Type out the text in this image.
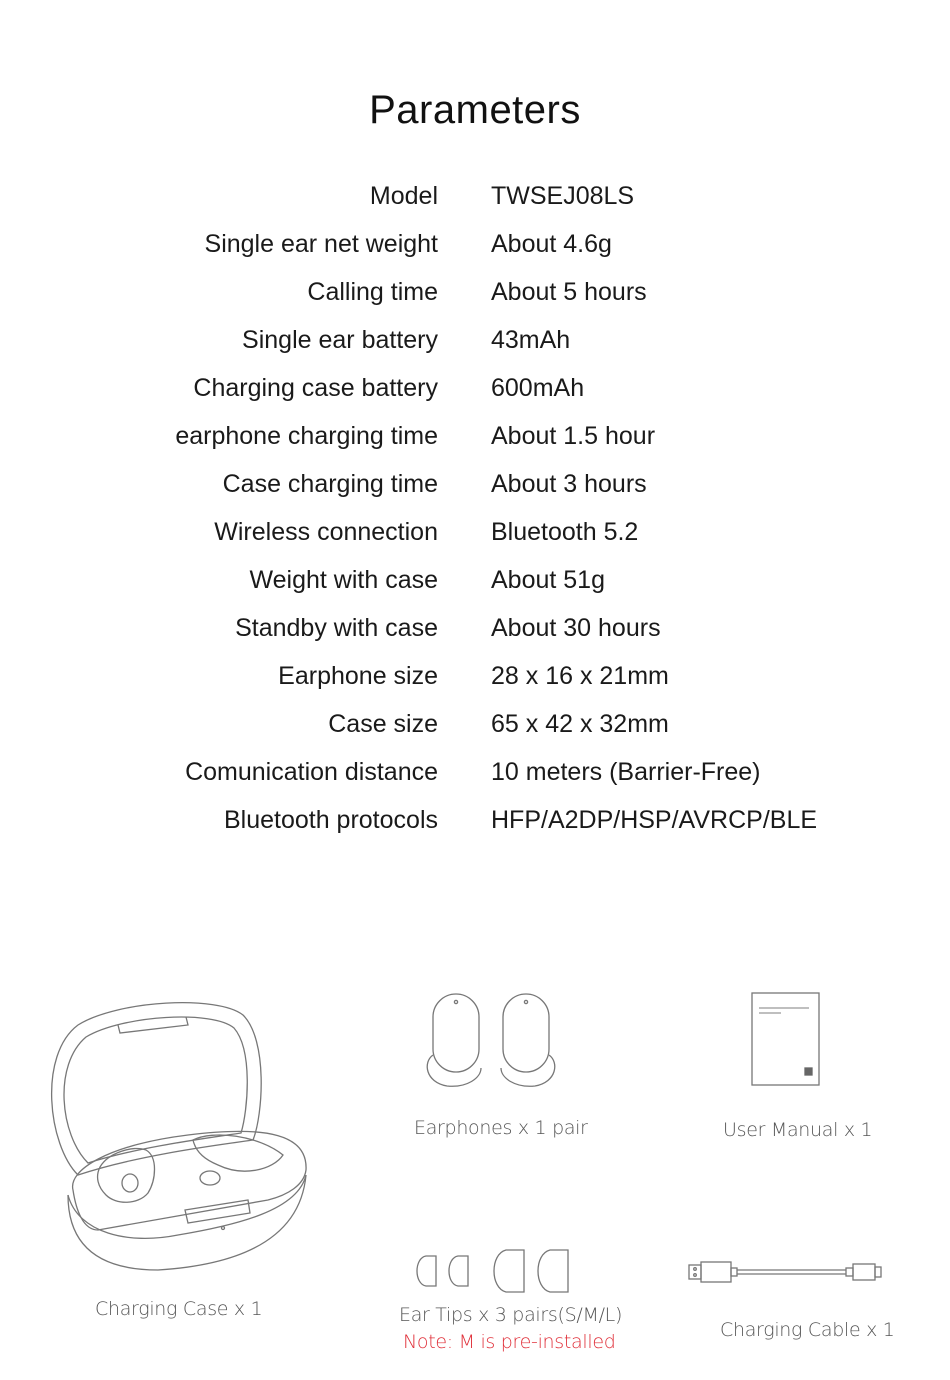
Parameters
Model TWSEJ08LS
Single ear net weight About 4.6g
Calling time About 5 hours
Single ear battery 43mAh
Charging case battery 600mAh
earphone charging time About 1.5 hour
Case charging time About 3 hours
Wireless connection Bluetooth 5.2
Weight with case About 51g
Standby with case About 30 hours
Earphone size 28 x 16 x 21mm
Case size 65 x 42 x 32mm
Comunication distance 10 meters (Barrier-Free)
Bluetooth protocols HFP/A2DP/HSP/AVRCP/BLE
Charging Case x 1
Earphones x 1 pair	User Manual x 1
Ear Tips x 3 pairs(S/M/L)
Note: M is pre-installed
Charging Cable x 1
